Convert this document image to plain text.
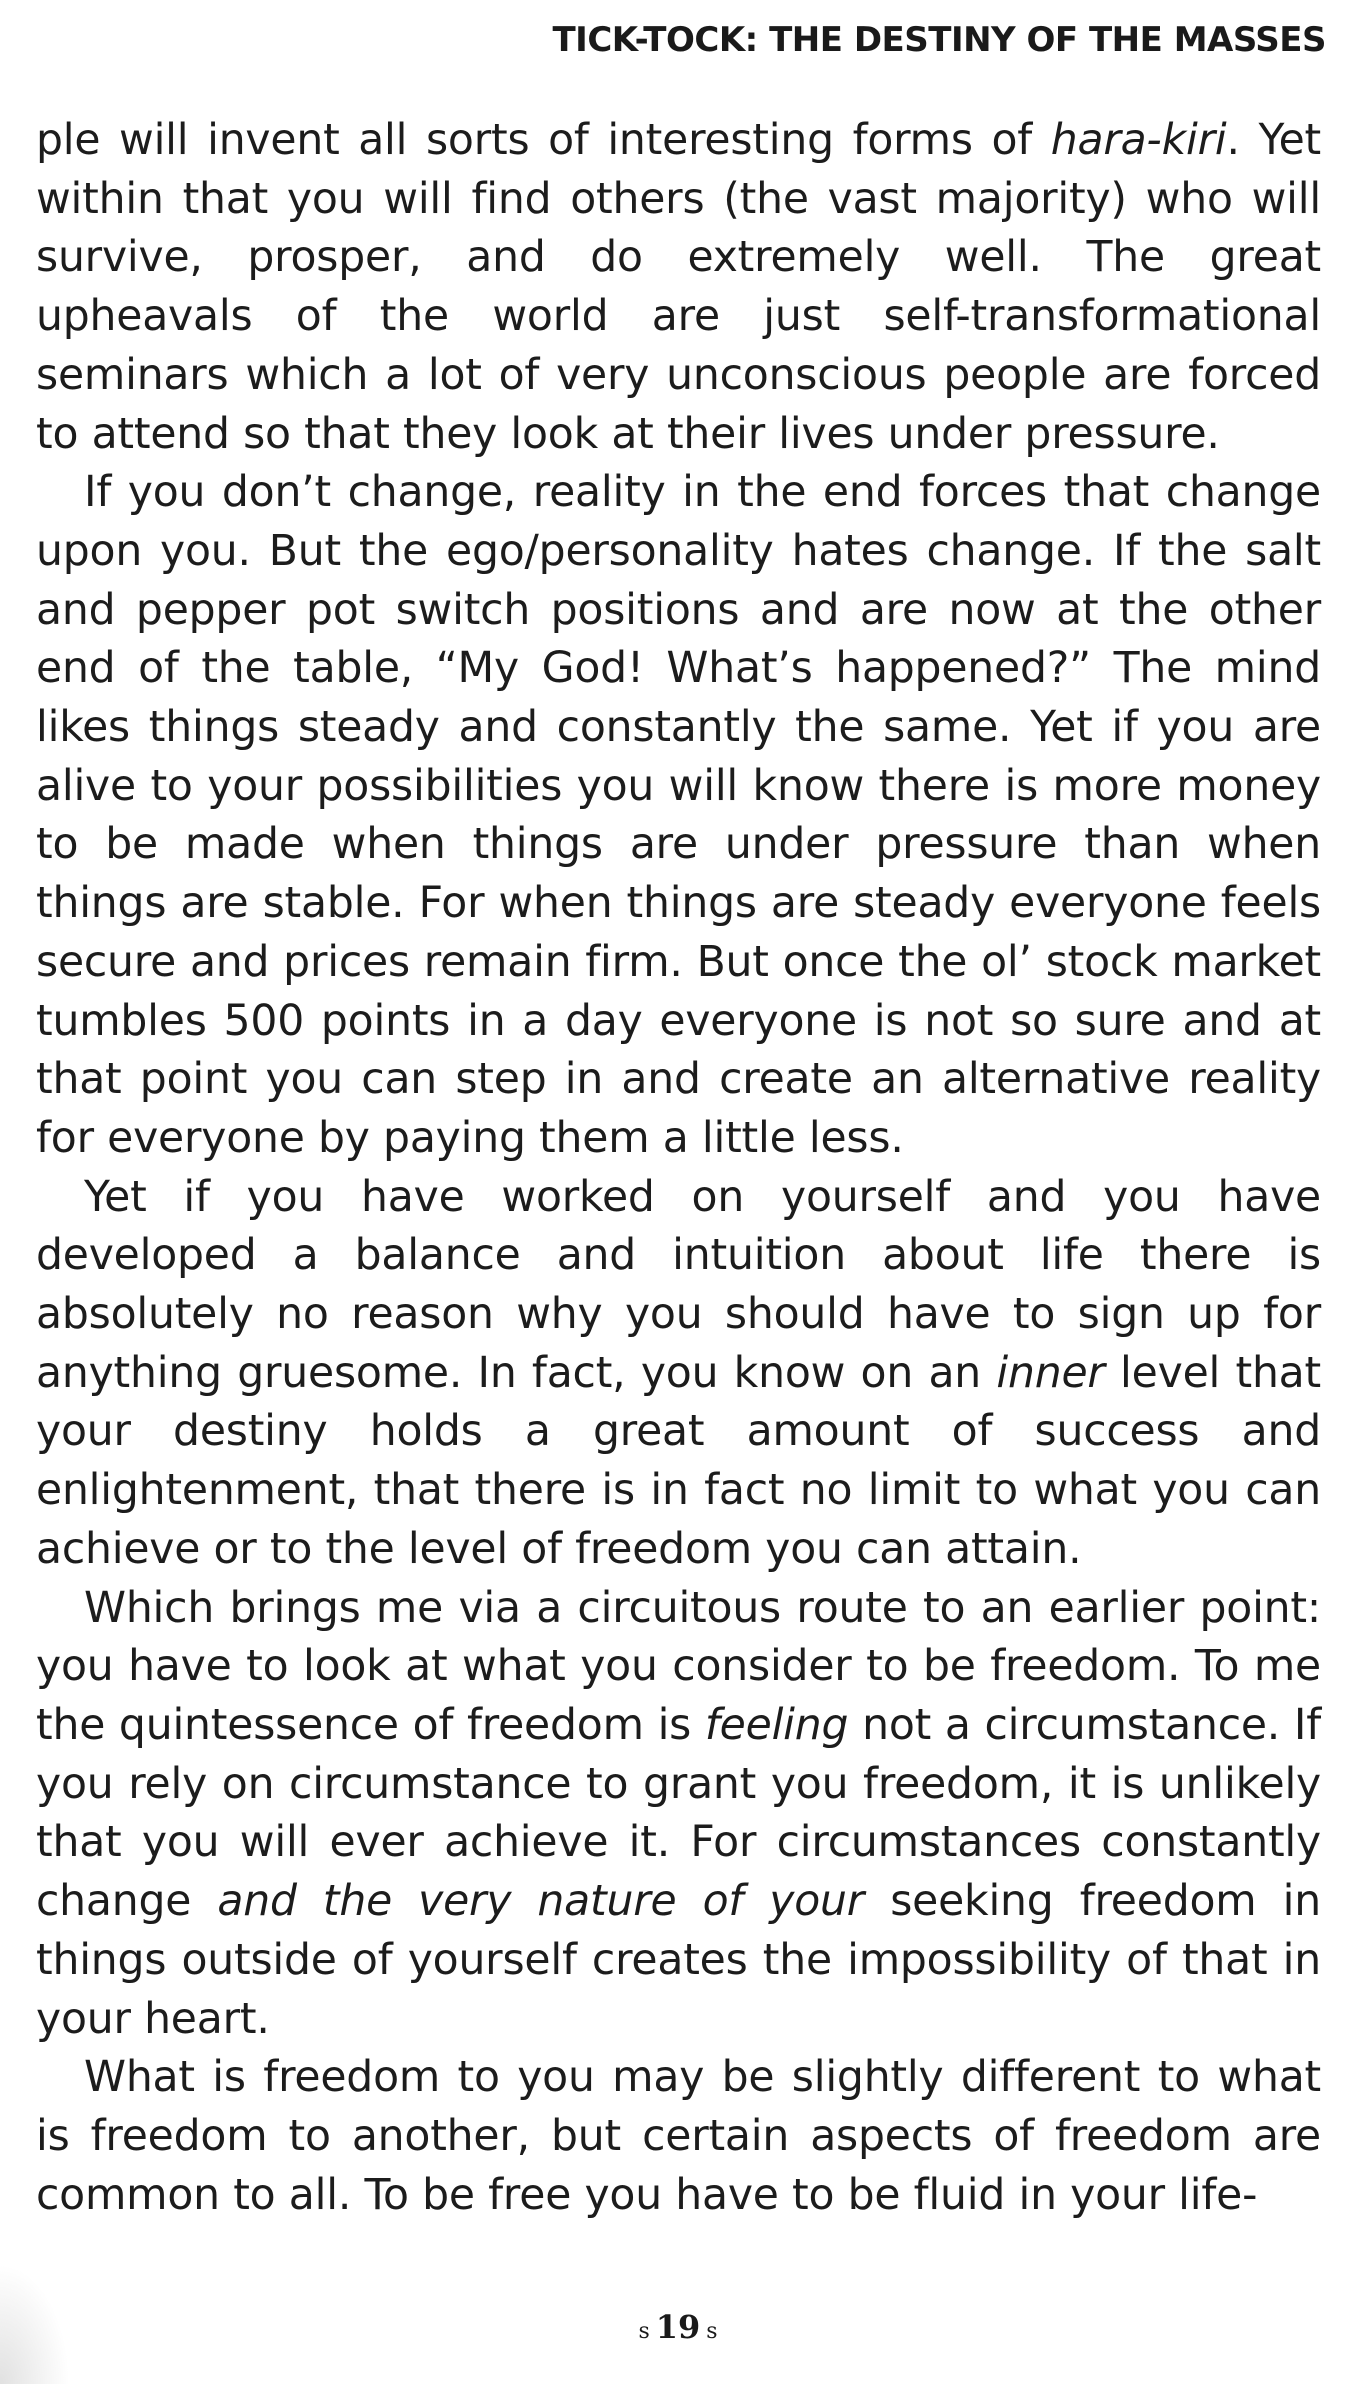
TICK-TOCK: THE DESTINY OF THE MASSES

ple will invent all sorts of interesting forms of hara-kiri. Yet within that you will find others (the vast majority) who will survive, prosper, and do extremely well. The great upheavals of the world are just self-transformational seminars which a lot of very unconscious people are forced to attend so that they look at their lives under pressure.

If you don’t change, reality in the end forces that change upon you. But the ego/personality hates change. If the salt and pepper pot switch positions and are now at the other end of the table, “My God! What’s happened?” The mind likes things steady and constantly the same. Yet if you are alive to your possibilities you will know there is more money to be made when things are under pressure than when things are stable. For when things are steady everyone feels secure and prices remain firm. But once the ol’ stock market tumbles 500 points in a day everyone is not so sure and at that point you can step in and create an alternative reality for everyone by paying them a little less.

Yet if you have worked on yourself and you have developed a balance and intuition about life there is absolutely no reason why you should have to sign up for anything gruesome. In fact, you know on an inner level that your destiny holds a great amount of success and enlightenment, that there is in fact no limit to what you can achieve or to the level of freedom you can attain.

Which brings me via a circuitous route to an earlier point: you have to look at what you consider to be freedom. To me the quintessence of freedom is feeling not a circumstance. If you rely on circumstance to grant you freedom, it is unlikely that you will ever achieve it. For circumstances constantly change and the very nature of your seeking freedom in things outside of yourself creates the impossibility of that in your heart.

What is freedom to you may be slightly different to what is freedom to another, but certain aspects of freedom are common to all. To be free you have to be fluid in your life-

s 19 s
